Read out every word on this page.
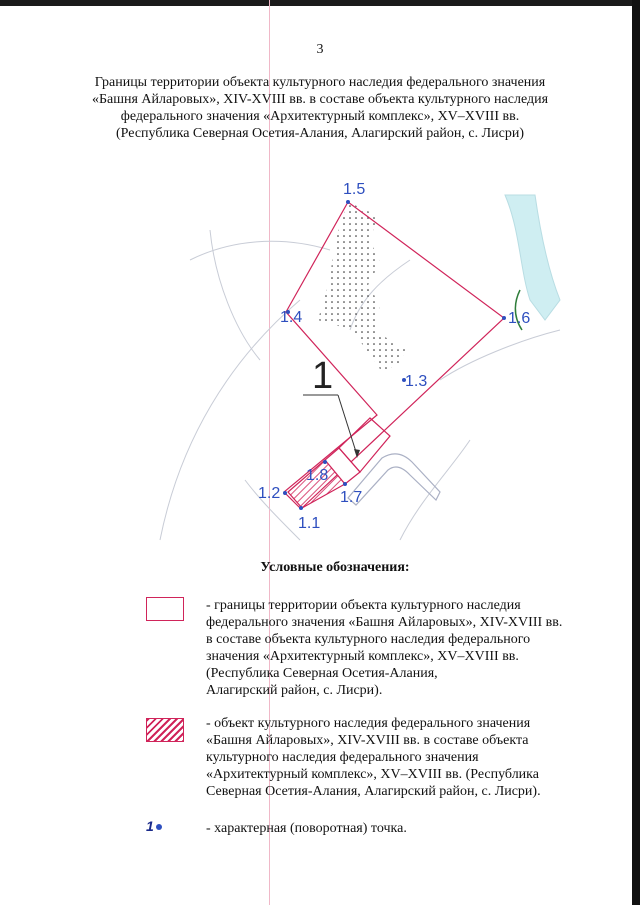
3
Границы территории объекта культурного наследия федерального значения
«Башня Айларовых», XIV-XVIII вв. в составе объекта культурного наследия
федерального значения «Архитектурный комплекс», XV–XVIII вв.
(Республика Северная Осетия-Алания, Алагирский район, с. Лисри)
1
1.1
1.2
1.3
1.4
1.5
1.6
1.7
1.8
Условные обозначения:
- границы территории объекта культурного наследия
федерального значения «Башня Айларовых», XIV-XVIII вв.
в составе объекта культурного наследия федерального
значения «Архитектурный комплекс», XV–XVIII вв.
(Республика Северная Осетия-Алания,
Алагирский район, с. Лисри).
- объект культурного наследия федерального значения
«Башня Айларовых», XIV-XVIII вв. в составе объекта
культурного наследия федерального значения
«Архитектурный комплекс», XV–XVIII вв. (Республика
Северная Осетия-Алания, Алагирский район, с. Лисри).
1	- характерная (поворотная) точка.
